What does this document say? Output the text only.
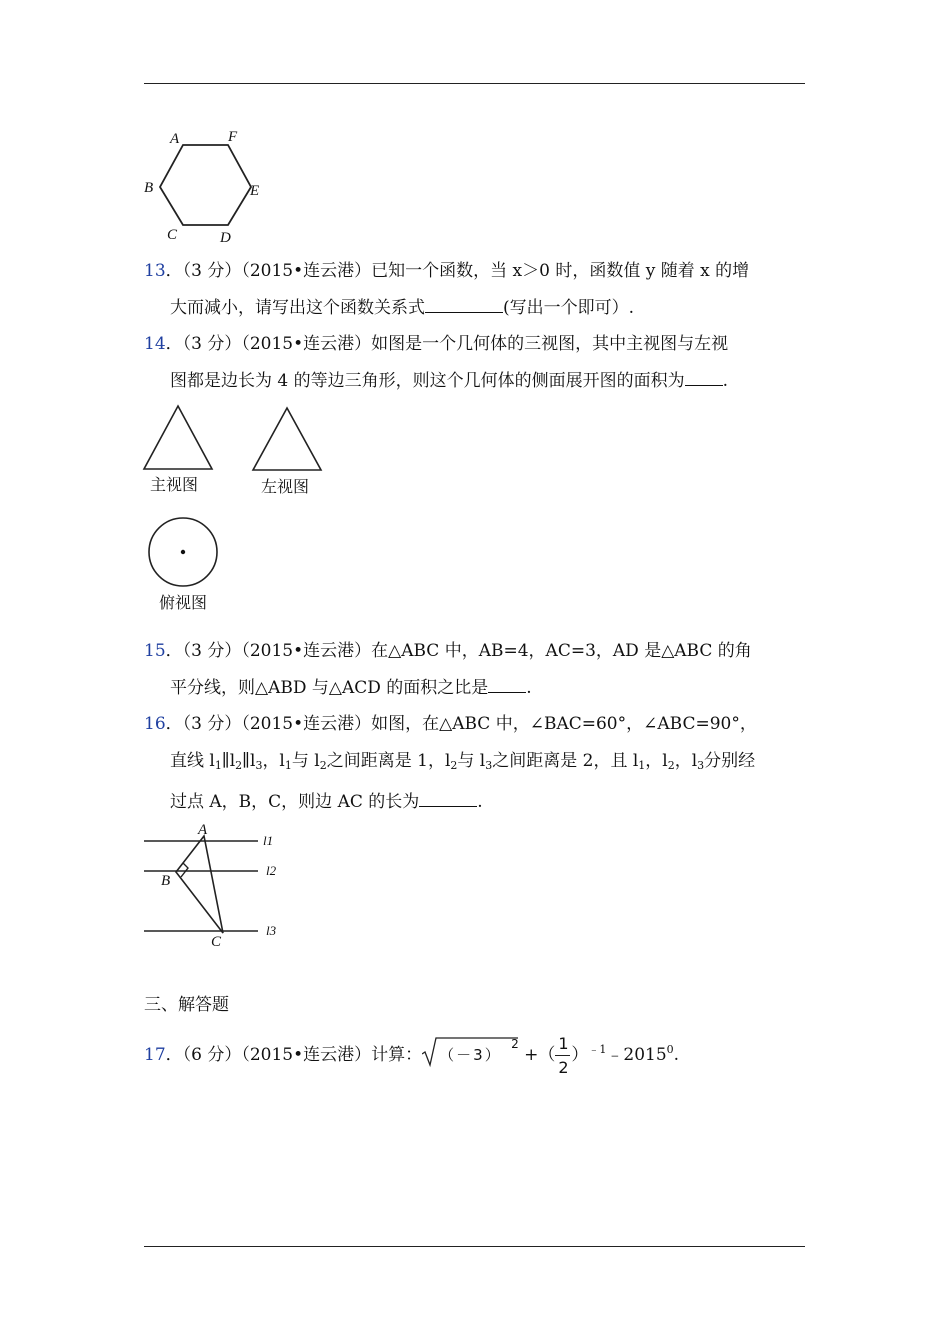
A	F
B	E
C	D
13．（3 分）（2015•连云港）已知一个函数，当 x＞0 时，函数值 y 随着 x 的增
大而减小，请写出这个函数关系式	(写出一个即可）.
14．（3 分）（2015•连云港）如图是一个几何体的三视图，其中主视图与左视
图都是边长为 4 的等边三角形，则这个几何体的侧面展开图的面积为 .
主视图	左视图
俯视图
15．（3 分）（2015•连云港）在△ABC 中，AB=4，AC=3，AD 是△ABC 的角
平分线，则△ABD 与△ACD 的面积之比是 .
16．（3 分）（2015•连云港）如图，在△ABC 中，∠BAC=60°，∠ABC=90°，
直线 $l_1\parallel l_2\parallel l_3$，$l_1$与 $l_2$之间距离是 1，$l_2$与 $l_3$之间距离是 2，且 $l_1$，$l_2$，$l_3$分别经
过点 A，B，C，则边 AC 的长为	.
A
B
C
l1
l2
l3
三、解答题
17．（6 分）（2015•连云港）计算： （－3）
2
+（ $\frac{1}{2}$ ）$^{﹣1}$﹣2015$^0$.
